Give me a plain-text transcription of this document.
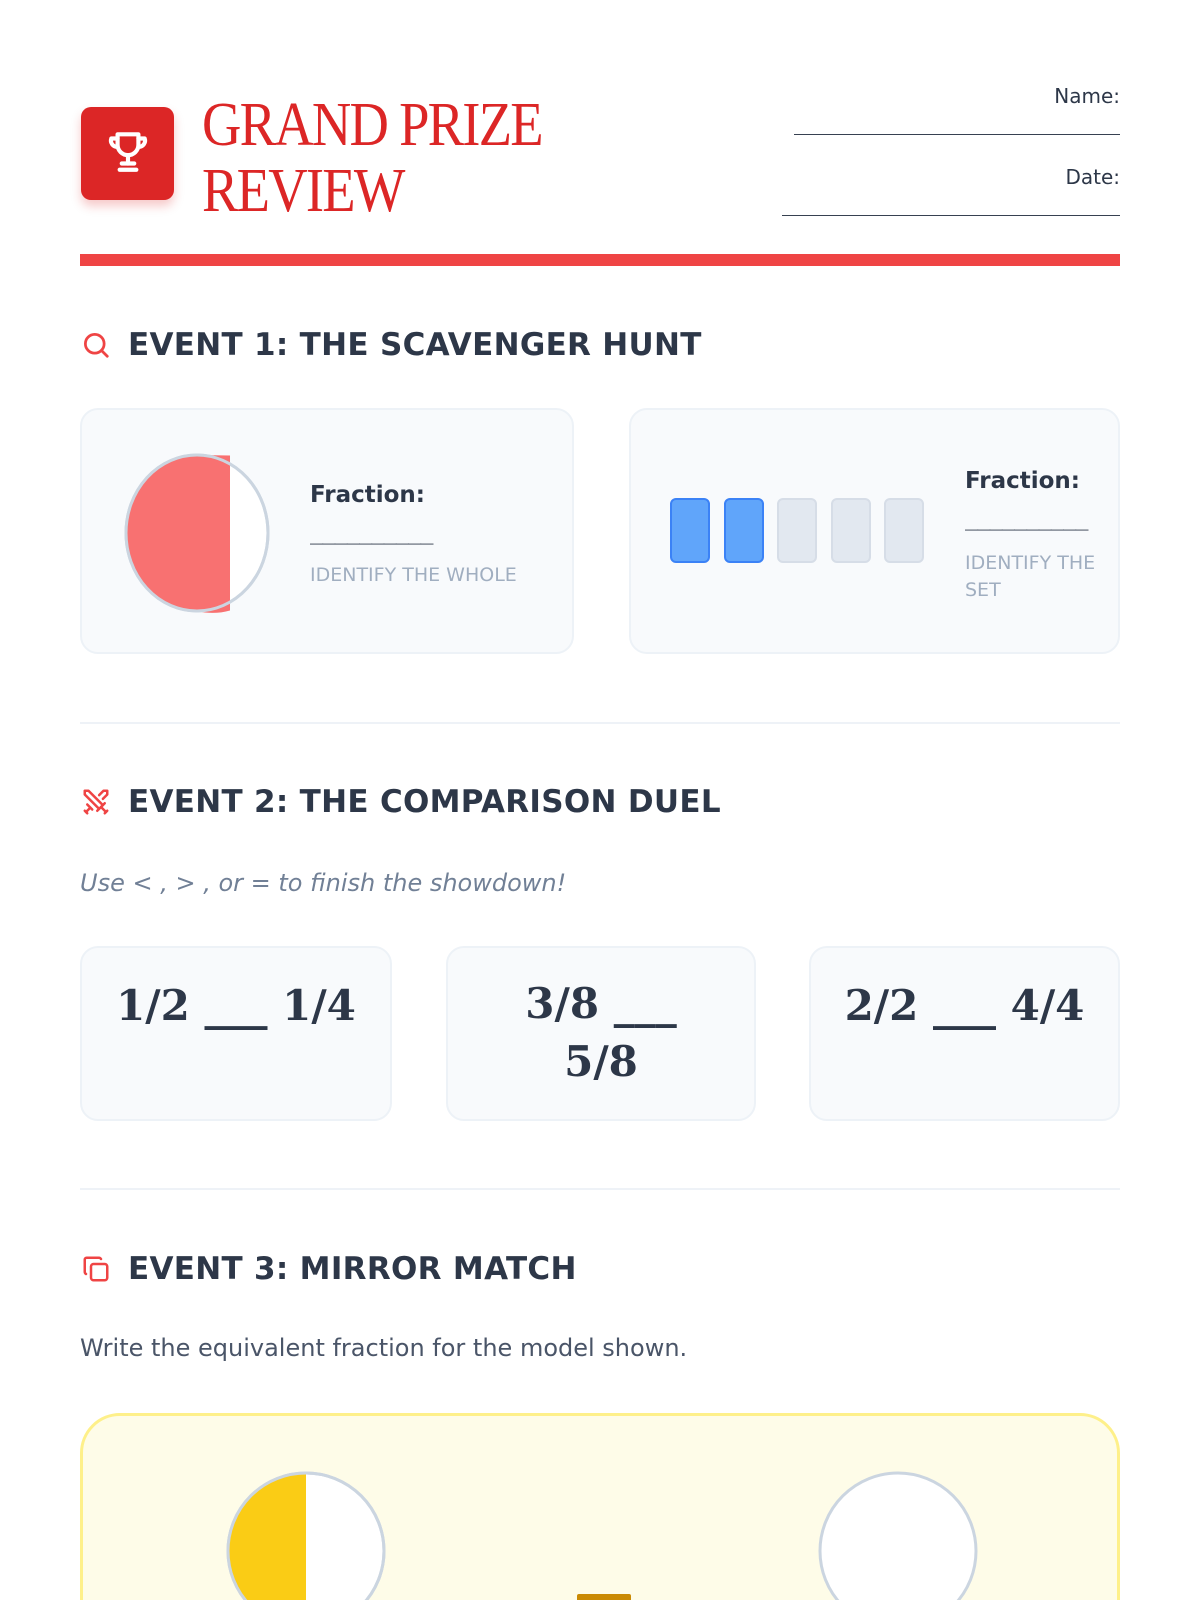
GRAND PRIZE
REVIEW
Name:
Date:
EVENT 1: THE SCAVENGER HUNT
Fraction:
__________
IDENTIFY THE WHOLE
Fraction:
__________
IDENTIFY THE
SET
EVENT 2: THE COMPARISON DUEL
Use < , > , or = to finish the showdown!
1/2 ___ 1/4	3/8 ___
5/8
2/2 ___ 4/4
EVENT 3: MIRROR MATCH
Write the equivalent fraction for the model shown.
